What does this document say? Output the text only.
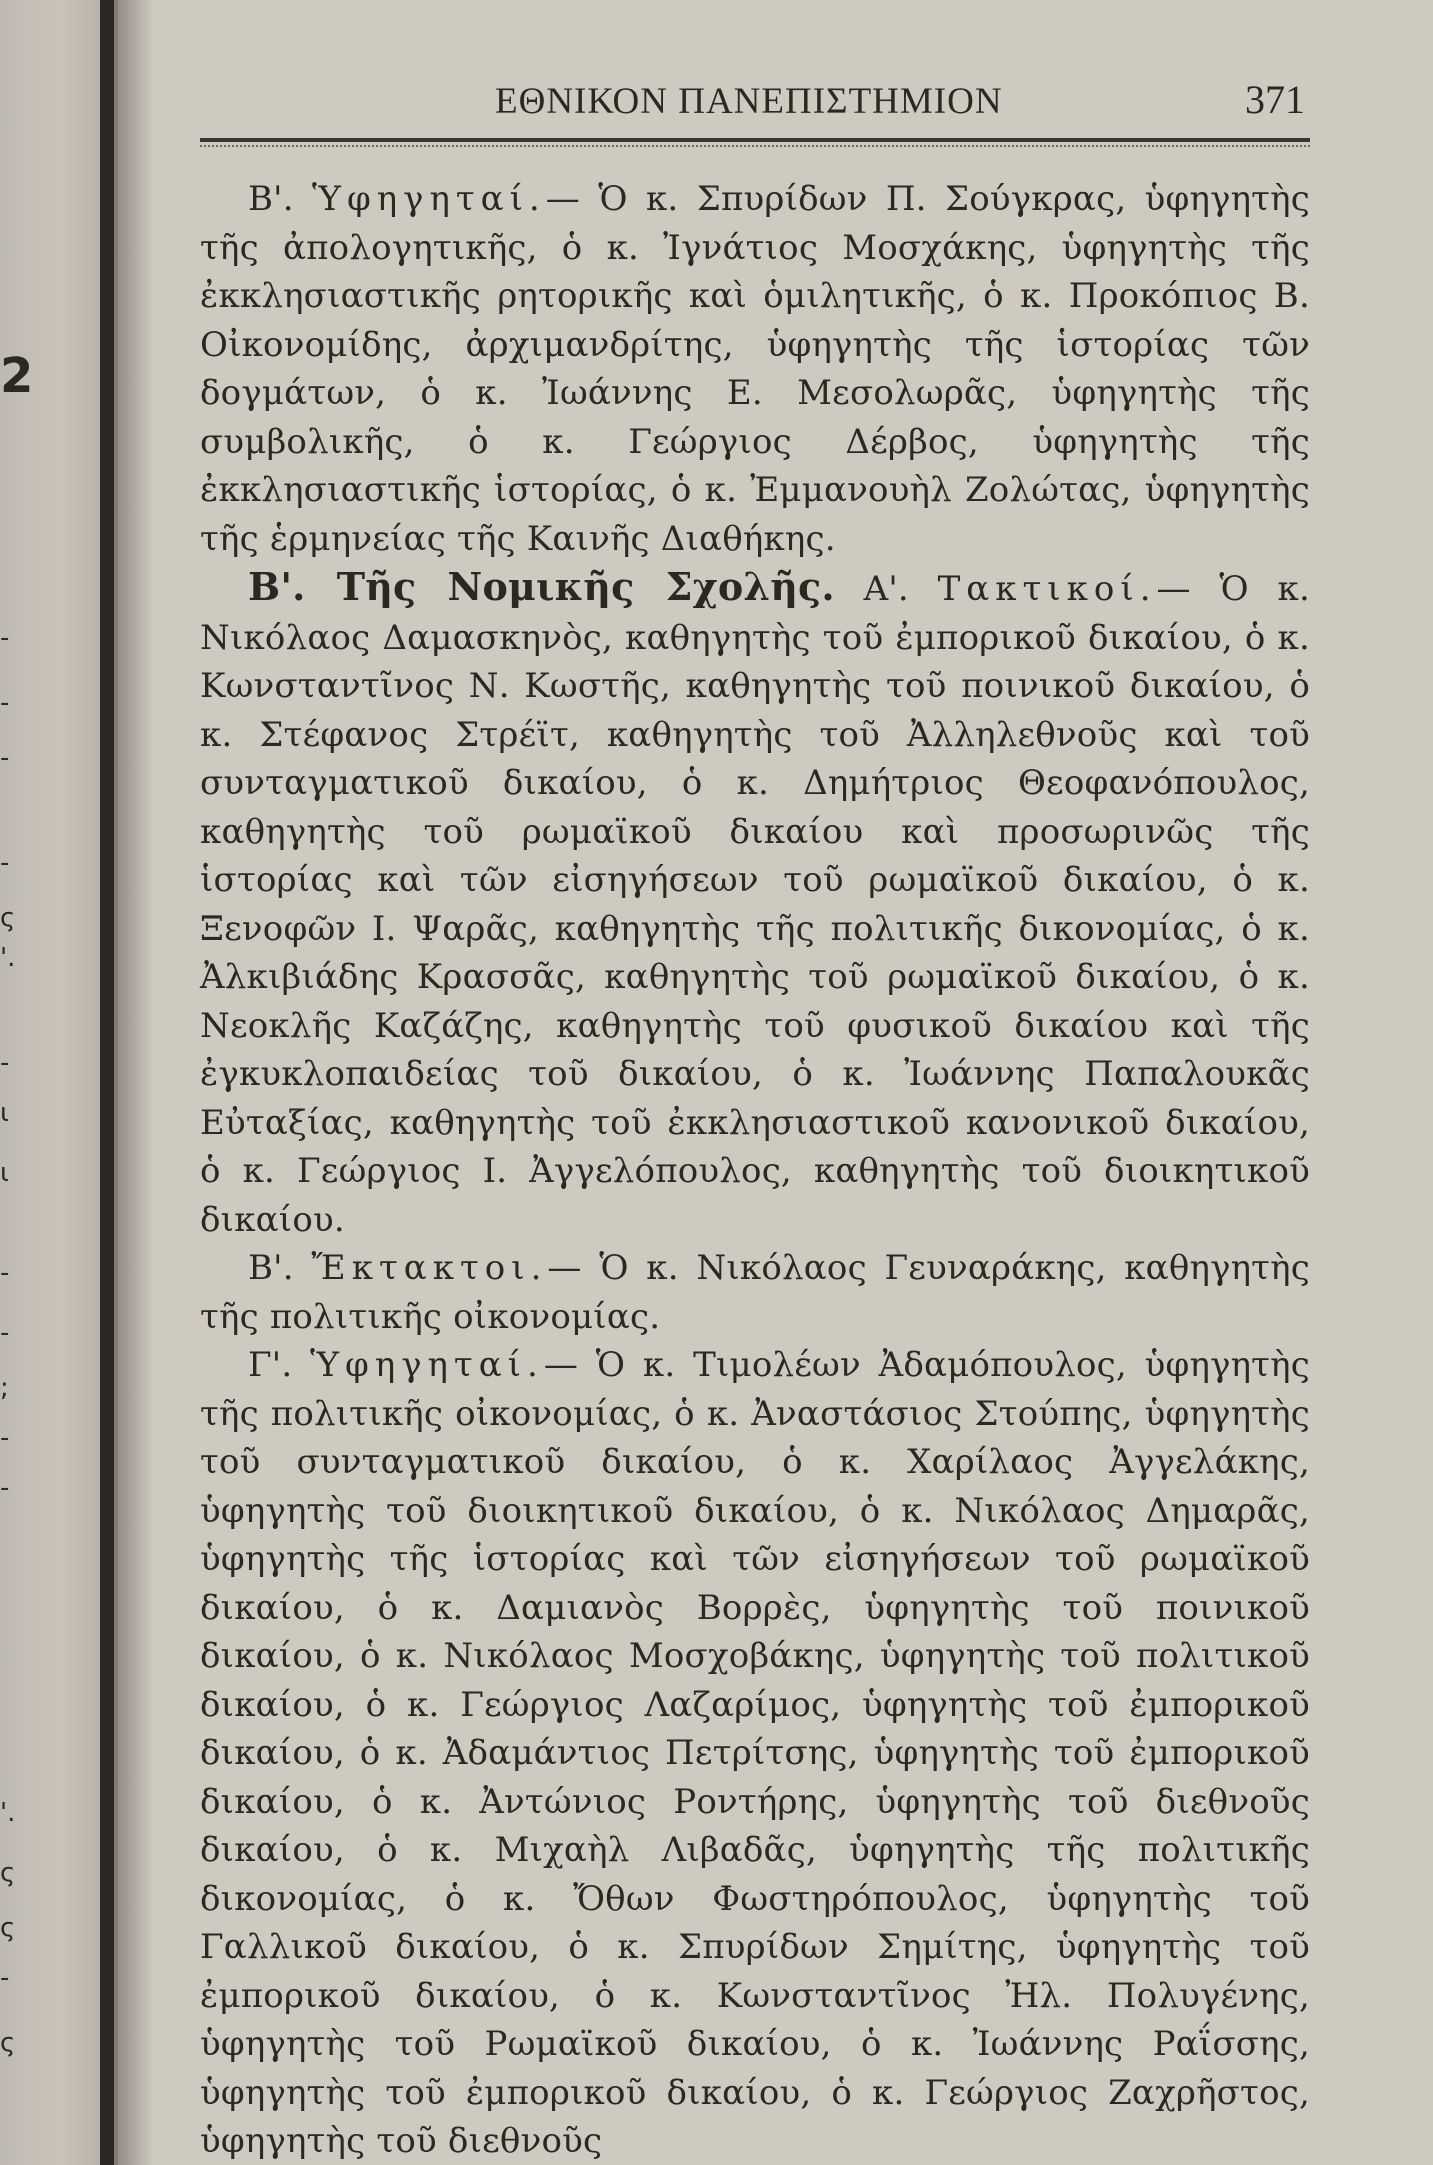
2
-
-
-
-
ς
'.
-
ι
ι
-
-
;
-
-
ς
'.
ς
-
ς
ΕΘΝΙΚΟΝ ΠΑΝΕΠΙΣΤΗΜΙΟΝ	371

Β'. Ὑφηγηταί.— Ὁ κ. Σπυρίδων Π. Σούγκρας, ὑφηγητὴς τῆς ἀπολογητικῆς, ὁ κ. Ἰγνάτιος Μοσχάκης, ὑφηγητὴς τῆς ἐκκλησιαστικῆς ρητορικῆς καὶ ὁμιλητικῆς, ὁ κ. Προκόπιος Β. Οἰκονομίδης, ἀρχιμανδρίτης, ὑφηγητὴς τῆς ἱστορίας τῶν δογμάτων, ὁ κ. Ἰωάννης Ε. Μεσολωρᾶς, ὑφηγητὴς τῆς συμβολικῆς, ὁ κ. Γεώργιος Δέρβος, ὑφηγητὴς τῆς ἐκκλησιαστικῆς ἱστορίας, ὁ κ. Ἐμμανουὴλ Ζολώτας, ὑφηγητὴς τῆς ἑρμηνείας τῆς Καινῆς Διαθήκης.

Β'. Τῆς Νομικῆς Σχολῆς. Α'. Τακτικοί.— Ὁ κ. Νικόλαος Δαμασκηνὸς, καθηγητὴς τοῦ ἐμπορικοῦ δικαίου, ὁ κ. Κωνσταντῖνος Ν. Κωστῆς, καθηγητὴς τοῦ ποινικοῦ δικαίου, ὁ κ. Στέφανος Στρέϊτ, καθηγητὴς τοῦ Ἀλληλεθνοῦς καὶ τοῦ συνταγματικοῦ δικαίου, ὁ κ. Δημήτριος Θεοφανόπουλος, καθηγητὴς τοῦ ρωμαϊκοῦ δικαίου καὶ προσωρινῶς τῆς ἱστορίας καὶ τῶν εἰσηγήσεων τοῦ ρωμαϊκοῦ δικαίου, ὁ κ. Ξενοφῶν Ι. Ψαρᾶς, καθηγητὴς τῆς πολιτικῆς δικονομίας, ὁ κ. Ἀλκιβιάδης Κρασσᾶς, καθηγητὴς τοῦ ρωμαϊκοῦ δικαίου, ὁ κ. Νεοκλῆς Καζάζης, καθηγητὴς τοῦ φυσικοῦ δικαίου καὶ τῆς ἐγκυκλοπαιδείας τοῦ δικαίου, ὁ κ. Ἰωάννης Παπαλουκᾶς Εὐταξίας, καθηγητὴς τοῦ ἐκκλησιαστικοῦ κανονικοῦ δικαίου, ὁ κ. Γεώργιος Ι. Ἀγγελόπουλος, καθηγητὴς τοῦ διοικητικοῦ δικαίου.

Β'. Ἔκτακτοι.— Ὁ κ. Νικόλαος Γευναράκης, καθηγητὴς τῆς πολιτικῆς οἰκονομίας.

Γ'. Ὑφηγηταί.— Ὁ κ. Τιμολέων Ἀδαμόπουλος, ὑφηγητὴς τῆς πολιτικῆς οἰκονομίας, ὁ κ. Ἀναστάσιος Στούπης, ὑφηγητὴς τοῦ συνταγματικοῦ δικαίου, ὁ κ. Χαρίλαος Ἀγγελάκης, ὑφηγητὴς τοῦ διοικητικοῦ δικαίου, ὁ κ. Νικόλαος Δημαρᾶς, ὑφηγητὴς τῆς ἱστορίας καὶ τῶν εἰσηγήσεων τοῦ ρωμαϊκοῦ δικαίου, ὁ κ. Δαμιανὸς Βορρὲς, ὑφηγητὴς τοῦ ποινικοῦ δικαίου, ὁ κ. Νικόλαος Μοσχοβάκης, ὑφηγητὴς τοῦ πολιτικοῦ δικαίου, ὁ κ. Γεώργιος Λαζαρίμος, ὑφηγητὴς τοῦ ἐμπορικοῦ δικαίου, ὁ κ. Ἀδαμάντιος Πετρίτσης, ὑφηγητὴς τοῦ ἐμπορικοῦ δικαίου, ὁ κ. Ἀντώνιος Ροντήρης, ὑφηγητὴς τοῦ διεθνοῦς δικαίου, ὁ κ. Μιχαὴλ Λιβαδᾶς, ὑφηγητὴς τῆς πολιτικῆς δικονομίας, ὁ κ. Ὄθων Φωστηρόπουλος, ὑφηγητὴς τοῦ Γαλλικοῦ δικαίου, ὁ κ. Σπυρίδων Σημίτης, ὑφηγητὴς τοῦ ἐμπορικοῦ δικαίου, ὁ κ. Κωνσταντῖνος Ἠλ. Πολυγένης, ὑφηγητὴς τοῦ Ρωμαϊκοῦ δικαίου, ὁ κ. Ἰωάννης Ραΐσσης, ὑφηγητὴς τοῦ ἐμπορικοῦ δικαίου, ὁ κ. Γεώργιος Ζαχρῆστος, ὑφηγητὴς τοῦ διεθνοῦς
